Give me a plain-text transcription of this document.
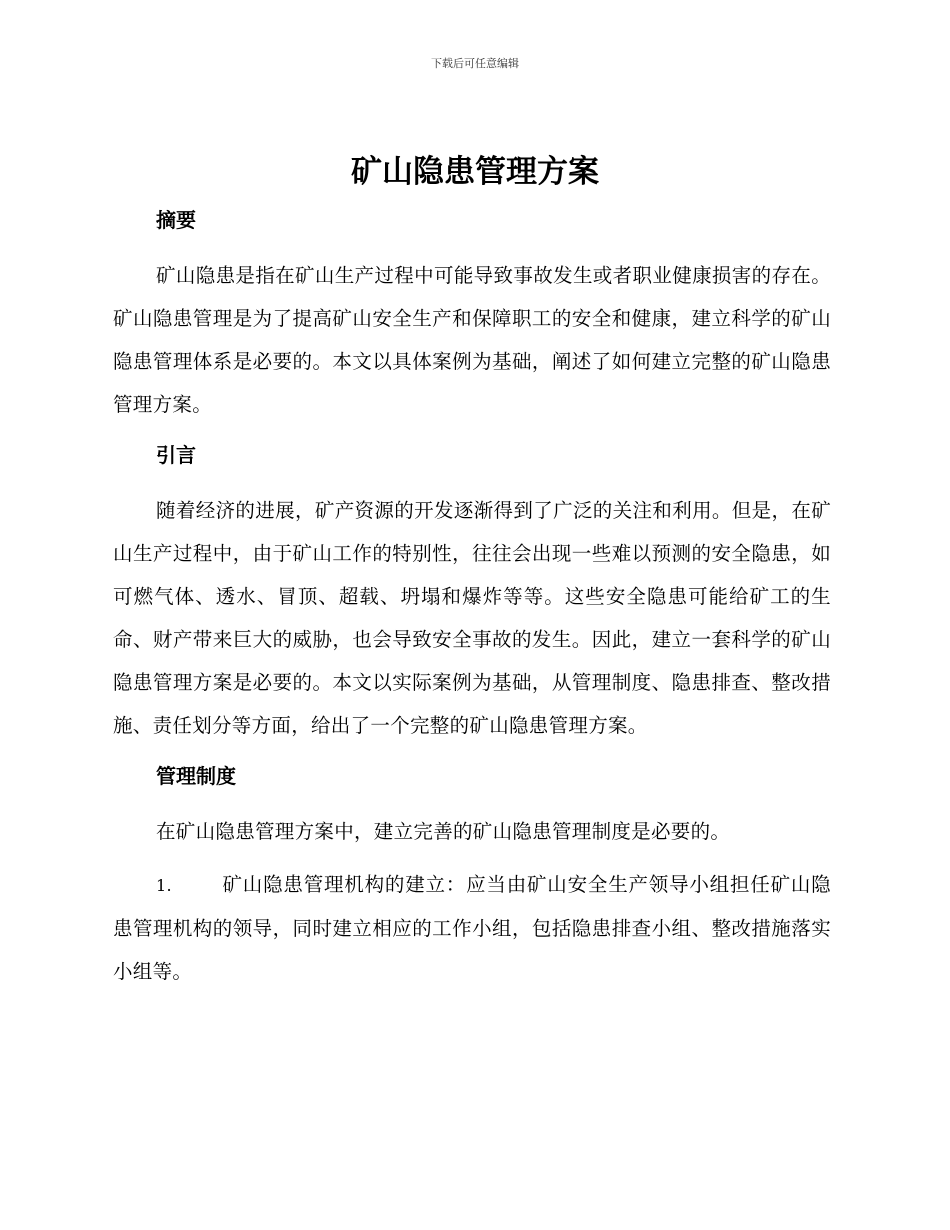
下载后可任意编辑
矿山隐患管理方案
摘要

矿山隐患是指在矿山生产过程中可能导致事故发生或者职业健康损害的存在。矿山隐患管理是为了提高矿山安全生产和保障职工的安全和健康，建立科学的矿山隐患管理体系是必要的。本文以具体案例为基础，阐述了如何建立完整的矿山隐患管理方案。

引言

随着经济的进展，矿产资源的开发逐渐得到了广泛的关注和利用。但是，在矿山生产过程中，由于矿山工作的特别性，往往会出现一些难以预测的安全隐患，如可燃气体、透水、冒顶、超载、坍塌和爆炸等等。这些安全隐患可能给矿工的生命、财产带来巨大的威胁，也会导致安全事故的发生。因此，建立一套科学的矿山隐患管理方案是必要的。本文以实际案例为基础，从管理制度、隐患排查、整改措施、责任划分等方面，给出了一个完整的矿山隐患管理方案。

管理制度

在矿山隐患管理方案中，建立完善的矿山隐患管理制度是必要的。

1.	矿山隐患管理机构的建立：应当由矿山安全生产领导小组担任矿山隐患管理机构的领导，同时建立相应的工作小组，包括隐患排查小组、整改措施落实小组等。
